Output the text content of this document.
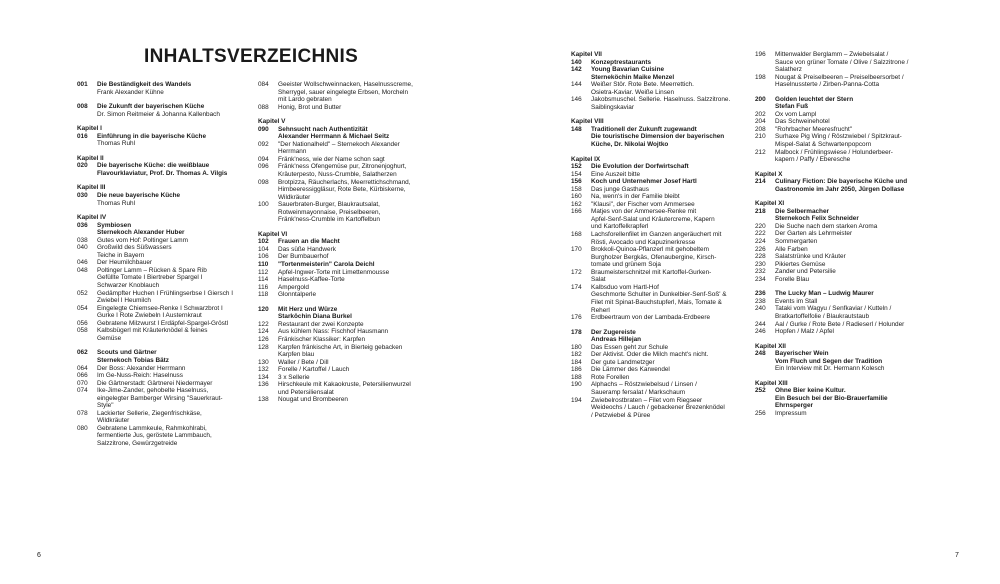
INHALTSVERZEICHNIS
001	Die Beständigkeit des Wandels
Frank Alexander Kühne
008	Die Zukunft der bayerischen Küche
Dr. Simon Reitmeier & Johanna Kallenbach
Kapitel I
016	Einführung in die bayerische Küche
Thomas Ruhl
Kapitel II
020	Die bayerische Küche: die weißblaue
Flavourklaviatur, Prof. Dr. Thomas A. Vilgis
Kapitel III
030	Die neue bayerische Küche
Thomas Ruhl
Kapitel IV
036	Symbiosen
Sternekoch Alexander Huber
038	Gutes vom Hof: Poltinger Lamm
040	Großwild des Süßwassers
Teiche in Bayern
046	Der Heumilchbauer
048	Poltinger Lamm – Rücken & Spare Rib
Gefüllte Tomate I Biertreber Spargel I
Schwarzer Knoblauch
052	Gedämpfter Huchen I Frühlingserbse I Giersch I
Zwiebel I Heumilch
054	Eingelegte Chiemsee-Renke I Schwarzbrot I
Gurke I Rote Zwiebeln I Austernkraut
056	Gebratene Milzwurst I Erdäpfel-Spargel-Gröstl
058	Kalbsbügerl mit Kräuterknödel & feines
Gemüse
062	Scouts und Gärtner
Sternekoch Tobias Bätz
064	Der Boss: Alexander Herrmann
066	Im Ge-Nuss-Reich: Haselnuss
070	Die Gärtnerstadt: Gärtnerei Niedermayer
074	Ike-Jime-Zander, gehobelte Haselnuss,
eingelegter Bamberger Wirsing "Sauerkraut-
Style"
078	Lackierter Sellerie, Ziegenfrischkäse,
Wildkräuter
080	Gebratene Lammkeule, Rahmkohlrabi,
fermentierte Jus, geröstete Lammbauch,
Salzzitrone, Gewürzgetreide
084	Geeister Wollschweinnacken, Haselnusscreme,
Sherrygel, sauer eingelegte Erbsen, Morcheln
mit Lardo gebraten
088	Honig, Brot und Butter
Kapitel V
090	Sehnsucht nach Authentizität
Alexander Herrmann & Michael Seitz
092	"Der Nationalheld" – Sternekoch Alexander
Herrmann
094	Fränk'ness, wie der Name schon sagt
096	Fränk'ness Ofengemüse pur, Zitronenjoghurt,
Kräuterpesto, Nuss-Crumble, Salatherzen
098	Brotpizza, Räucherlachs, Meerrettichschmand,
Himbeeressiggläsur, Rote Bete, Kürbiskerne,
Wildkräuter
100	Sauerbraten-Burger, Blaukrautsalat,
Rotweinmayonnaise, Preiselbeeren,
Fränk'ness-Crumble im Kartoffelbun
Kapitel VI
102	Frauen an die Macht
104	Das süße Handwerk
106	Der Bumbauerhof
110	"Tortenmeisterin" Carola Deichl
112	Apfel-Ingwer-Torte mit Limettenmousse
114	Haselnuss-Kaffee-Torte
116	Ampergold
118	Glonntalperle
120	Mit Herz und Würze
Starköchin Diana Burkel
122	Restaurant der zwei Konzepte
124	Aus kühlem Nass: Fischhof Hausmann
126	Fränkischer Klassiker: Karpfen
128	Karpfen fränkische Art, in Bierteig gebacken
Karpfen blau
130	Waller / Bete / Dill
132	Forelle / Kartoffel / Lauch
134	3 x Sellerie
136	Hirschkeule mit Kakaokruste, Petersilienwurzel
und Petersiliensalat
138	Nougat und Brombeeren
Kapitel VII
140	Konzeptrestaurants
142	Young Bavarian Cuisine
Sterneköchin Maike Menzel
144	Weißer Stör. Rote Bete. Meerrettich.
Osietra-Kaviar. Weiße Linsen
146	Jakobsmuschel. Sellerie. Haselnuss. Salzzitrone.
Saiblingskaviar
Kapitel VIII
148	Traditionell der Zukunft zugewandt
Die touristische Dimension der bayerischen
Küche, Dr. Nikolai Wojtko
Kapitel IX
152	Die Evolution der Dorfwirtschaft
154	Eine Auszeit bitte
156	Koch und Unternehmer Josef Hartl
158	Das junge Gasthaus
160	Na, wenn's in der Familie bleibt
162	"Klausi", der Fischer vom Ammersee
166	Matjes von der Ammersee-Renke mit
Apfel-Senf-Salat und Kräutercreme, Kapern
und Kartoffelkrapferl
168	Lachsforellenfilet im Ganzen angeräuchert mit
Rösti, Avocado und Kapuzinerkresse
170	Brokkoli-Quinoa-Pflanzerl mit gehobeltem
Burgholzer Bergkäs, Ofenaubergine, Kirsch-
tomate und grünem Soja
172	Braumeisterschnitzel mit Kartoffel-Gurken-
Salat
174	Kalbsduo vom Hartl-Hof
Geschmorte Schulter in Dunkelbier-Senf-Soß' &
Filet mit Spinat-Bauchstupferl, Mais, Tomate &
Reherl
176	Erdbeertraum von der Lambada-Erdbeere
178	Der Zugereiste
Andreas Hillejan
180	Das Essen geht zur Schule
182	Der Aktivist. Oder die Milch macht's nicht.
184	Der gute Landmetzger
186	Die Lämmer des Karwendel
188	Rote Forellen
190	Alphachs – Röstzwiebelsud / Linsen /
Saueramp fersalat / Markschaum
194	Zwiebelrostbraten – Filet vom Riegseer
Weideochs / Lauch / gebackener Brezenknödel
/ Petzwiebel & Püree
196	Mittenwalder Berglamm – Zwiebelsalat /
Sauce von grüner Tomate / Olive / Salzzitrone /
Salatherz
198	Nougat & Preiselbeeren – Preiselbeersorbet /
Haselnussterte / Zirben-Panna-Cotta
200	Golden leuchtet der Stern
Stefan Fuß
202	Ox vom Lampl
204	Das Schweinehotel
208	"Rohrbacher Meeresfrucht"
210	Surhaxe Pig Wing / Röstzwiebel / Spitzkraut-
Mispel-Salat & Schwartenpopcorn
212	Malbock / Frühlingswiese / Holunderbeer-
kapern / Paffy / Eberesche
Kapitel X
214	Culinary Fiction: Die bayerische Küche und
Gastronomie im Jahr 2050, Jürgen Dollase
Kapitel XI
218	Die Selbermacher
Sternekoch Felix Schneider
220	Die Suche nach dem starken Aroma
222	Der Garten als Lehrmeister
224	Sommergarten
226	Alle Farben
228	Salatstrünke und Kräuter
230	Pikiertes Gemüse
232	Zander und Petersilie
234	Forelle Blau
236	The Lucky Man – Ludwig Maurer
238	Events im Stall
240	Tataki vom Wagyu / Senfkaviar / Kutteln /
Bratkartoffelfolie / Blaukrautstaub
244	Aal / Gurke / Rote Bete / Radieserl / Holunder
246	Hopfen / Malz / Apfel
Kapitel XII
248	Bayerischer Wein
Vom Fluch und Segen der Tradition
Ein Interview mit Dr. Hermann Kolesch
Kapitel XIII
252	Ohne Bier keine Kultur.
Ein Besuch bei der Bio-Brauerfamilie
Ehrnsperger
256	Impressum
6	7
